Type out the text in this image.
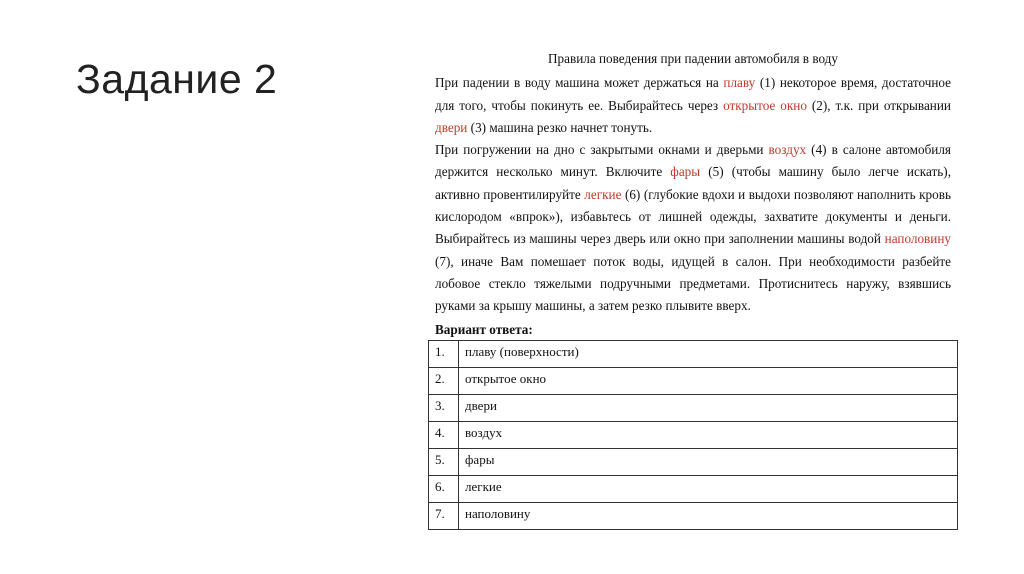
Задание 2	Правила поведения при падении автомобиля в воду

При падении в воду машина может держаться на плаву (1) некоторое время, достаточное для того, чтобы покинуть ее. Выбирайтесь через открытое окно (2), т.к. при открывании двери (3) машина резко начнет тонуть.

При погружении на дно с закрытыми окнами и дверьми воздух (4) в салоне автомобиля держится несколько минут. Включите фары (5) (чтобы машину было легче искать), активно провентилируйте легкие (6) (глубокие вдохи и выдохи позволяют наполнить кровь кислородом «впрок»), избавьтесь от лишней одежды, захватите документы и деньги. Выбирайтесь из машины через дверь или окно при заполнении машины водой наполовину (7), иначе Вам помешает поток воды, идущей в салон. При необходимости разбейте лобовое стекло тяжелыми подручными предметами. Протиснитесь наружу, взявшись руками за крышу машины, а затем резко плывите вверх.

Вариант ответа:
1.	плаву (поверхности)
2.	открытое окно
3.	двери
4.	воздух
5.	фары
6.	легкие
7.	наполовину
